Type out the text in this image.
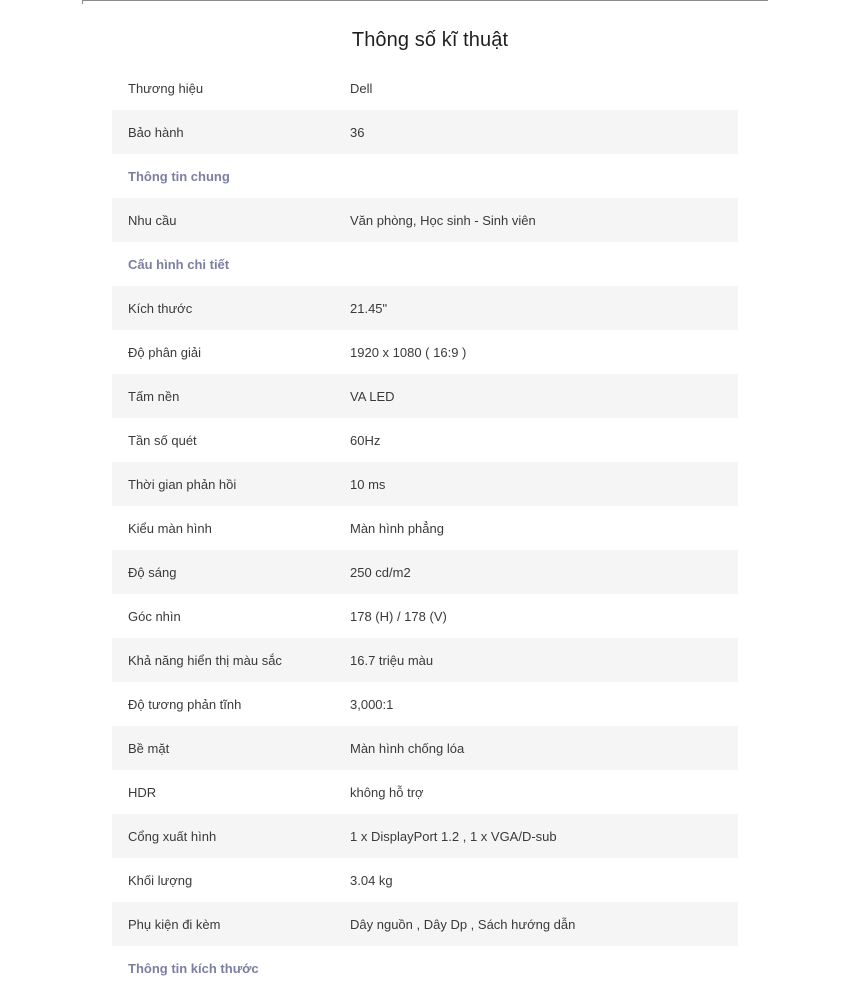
Thông số kĩ thuật
Thương hiệu	Dell
Bảo hành	36
Thông tin chung
Nhu cầu	Văn phòng, Học sinh - Sinh viên
Cấu hình chi tiết
Kích thước	21.45"
Độ phân giải	1920 x 1080 ( 16:9 )
Tấm nền	VA LED
Tần số quét	60Hz
Thời gian phản hồi	10 ms
Kiểu màn hình	Màn hình phẳng
Độ sáng	250 cd/m2
Góc nhìn	178 (H) / 178 (V)
Khả năng hiển thị màu sắc	16.7 triệu màu
Độ tương phản tĩnh	3,000:1
Bề mặt	Màn hình chống lóa
HDR	không hỗ trợ
Cổng xuất hình	1 x DisplayPort 1.2 , 1 x VGA/D-sub
Khối lượng	3.04 kg
Phụ kiện đi kèm	Dây nguồn , Dây Dp , Sách hướng dẫn
Thông tin kích thước
